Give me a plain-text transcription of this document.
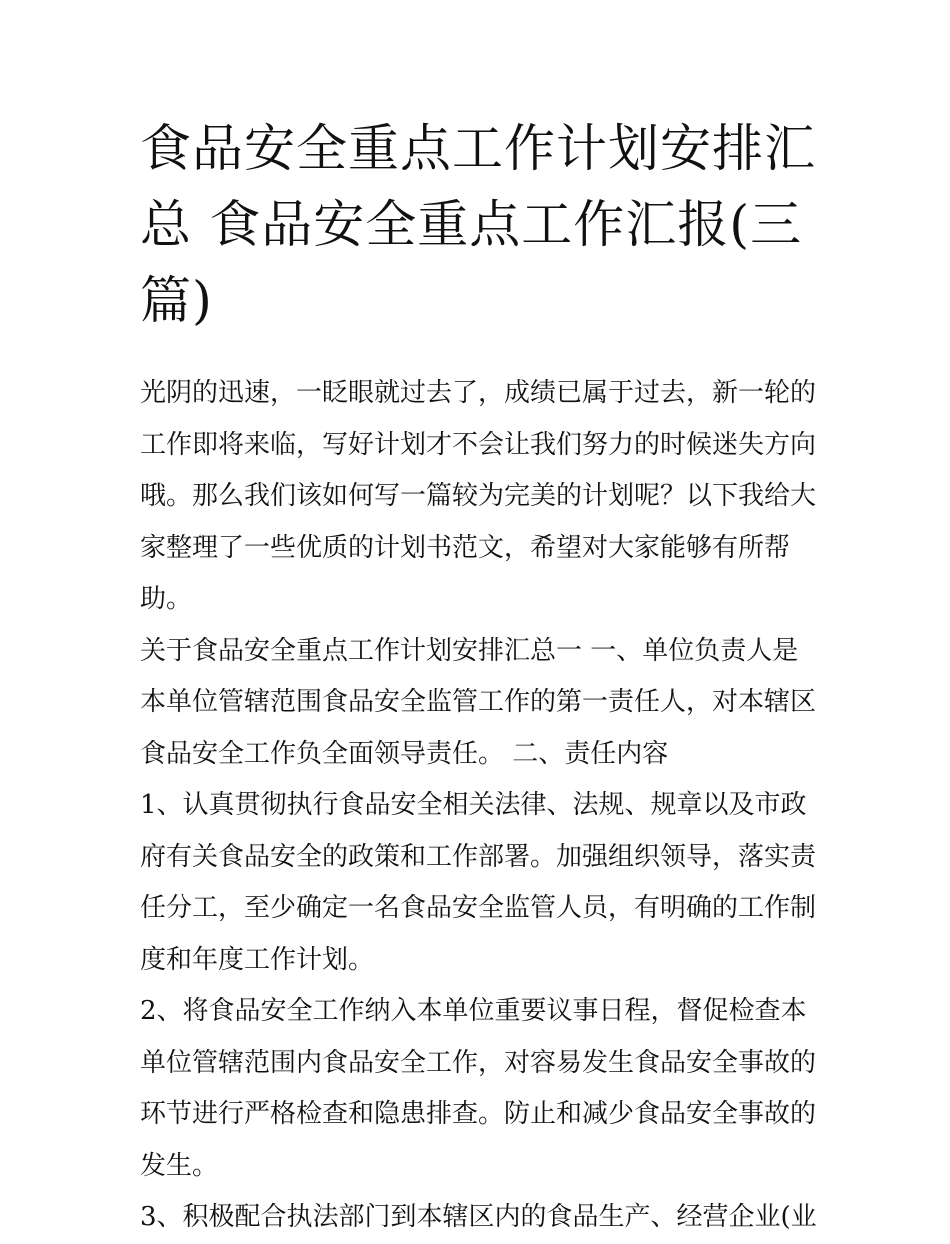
食品安全重点工作计划安排汇总 食品安全重点工作汇报(三篇)

光阴的迅速，一眨眼就过去了，成绩已属于过去，新一轮的工作即将来临，写好计划才不会让我们努力的时候迷失方向哦。那么我们该如何写一篇较为完美的计划呢？以下我给大家整理了一些优质的计划书范文，希望对大家能够有所帮助。

关于食品安全重点工作计划安排汇总一 一、单位负责人是本单位管辖范围食品安全监管工作的第一责任人，对本辖区食品安全工作负全面领导责任。 二、责任内容

1、认真贯彻执行食品安全相关法律、法规、规章以及市政府有关食品安全的政策和工作部署。加强组织领导，落实责任分工，至少确定一名食品安全监管人员，有明确的工作制度和年度工作计划。

2、将食品安全工作纳入本单位重要议事日程，督促检查本单位管辖范围内食品安全工作，对容易发生食品安全事故的环节进行严格检查和隐患排查。防止和减少食品安全事故的发生。

3、积极配合执法部门到本辖区内的食品生产、经营企业(业
